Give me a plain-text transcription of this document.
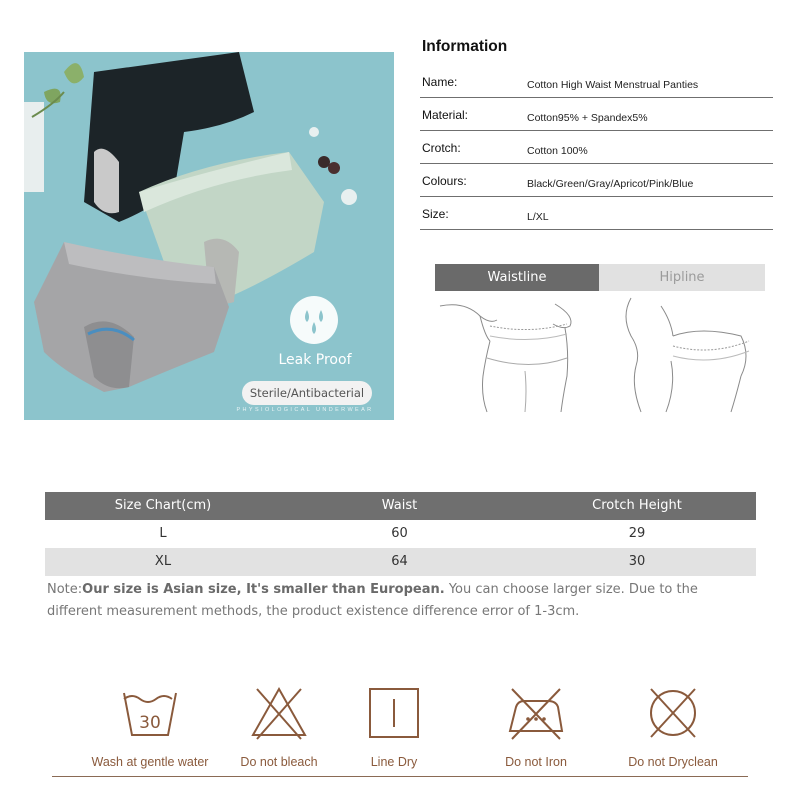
Leak Proof
Sterile/Antibacterial
PHYSIOLOGICAL UNDERWEAR
Information
Name:	Cotton High Waist Menstrual Panties
Material:	Cotton95% + Spandex5%
Crotch:	Cotton 100%
Colours:	Black/Green/Gray/Apricot/Pink/Blue
Size:	L/XL
Waistline	Hipline
Size Chart(cm)	Waist	Crotch Height
L	60	29
XL	64	30
Note:Our size is Asian size, It's smaller than European. You can choose larger size. Due to the different measurement methods, the product existence difference error of 1-3cm.
30
Wash at gentle water	Do not bleach	Line Dry	Do not Iron	Do not Dryclean
